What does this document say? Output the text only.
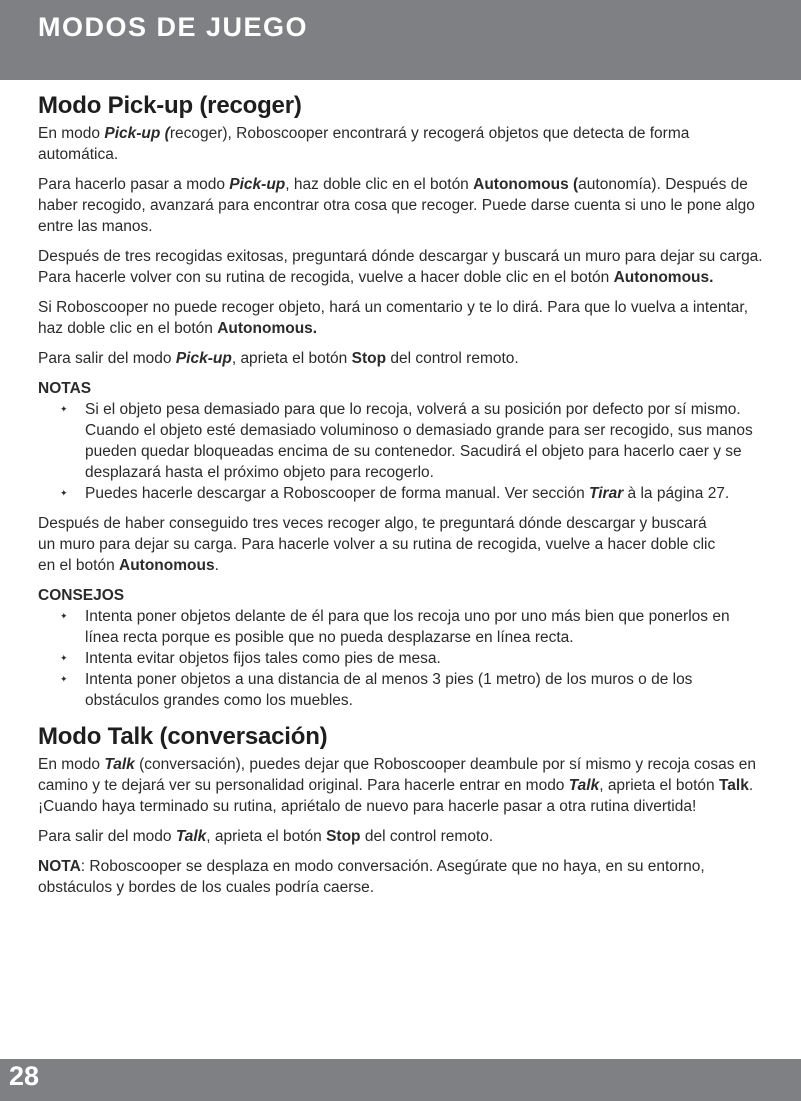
MODOS DE JUEGO
Modo Pick-up (recoger)

En modo Pick-up (recoger), Roboscooper encontrará y recogerá objetos que detecta de forma automática.

Para hacerlo pasar a modo Pick-up, haz doble clic en el botón Autonomous (autonomía). Después de haber recogido, avanzará para encontrar otra cosa que recoger. Puede darse cuenta si uno le pone algo entre las manos.

Después de tres recogidas exitosas, preguntará dónde descargar y buscará un muro para dejar su carga. Para hacerle volver con su rutina de recogida, vuelve a hacer doble clic en el botón Autonomous.

Si Roboscooper no puede recoger objeto, hará un comentario y te lo dirá. Para que lo vuelva a intentar, haz doble clic en el botón Autonomous.

Para salir del modo Pick-up, aprieta el botón Stop del control remoto.

NOTAS
✦ Si el objeto pesa demasiado para que lo recoja, volverá a su posición por defecto por sí mismo. Cuando el objeto esté demasiado voluminoso o demasiado grande para ser recogido, sus manos pueden quedar bloqueadas encima de su contenedor. Sacudirá el objeto para hacerlo caer y se desplazará hasta el próximo objeto para recogerlo.
✦ Puedes hacerle descargar a Roboscooper de forma manual. Ver sección Tirar à la página 27.

Después de haber conseguido tres veces recoger algo, te preguntará dónde descargar y buscará un muro para dejar su carga. Para hacerle volver a su rutina de recogida, vuelve a hacer doble clic en el botón Autonomous.

CONSEJOS
✦ Intenta poner objetos delante de él para que los recoja uno por uno más bien que ponerlos en línea recta porque es posible que no pueda desplazarse en línea recta.
✦ Intenta evitar objetos fijos tales como pies de mesa.
✦ Intenta poner objetos a una distancia de al menos 3 pies (1 metro) de los muros o de los obstáculos grandes como los muebles.
Modo Talk (conversación)

En modo Talk (conversación), puedes dejar que Roboscooper deambule por sí mismo y recoja cosas en camino y te dejará ver su personalidad original. Para hacerle entrar en modo Talk, aprieta el botón Talk. ¡Cuando haya terminado su rutina, apriétalo de nuevo para hacerle pasar a otra rutina divertida!

Para salir del modo Talk, aprieta el botón Stop del control remoto.

NOTA: Roboscooper se desplaza en modo conversación. Asegúrate que no haya, en su entorno, obstáculos y bordes de los cuales podría caerse.

28
